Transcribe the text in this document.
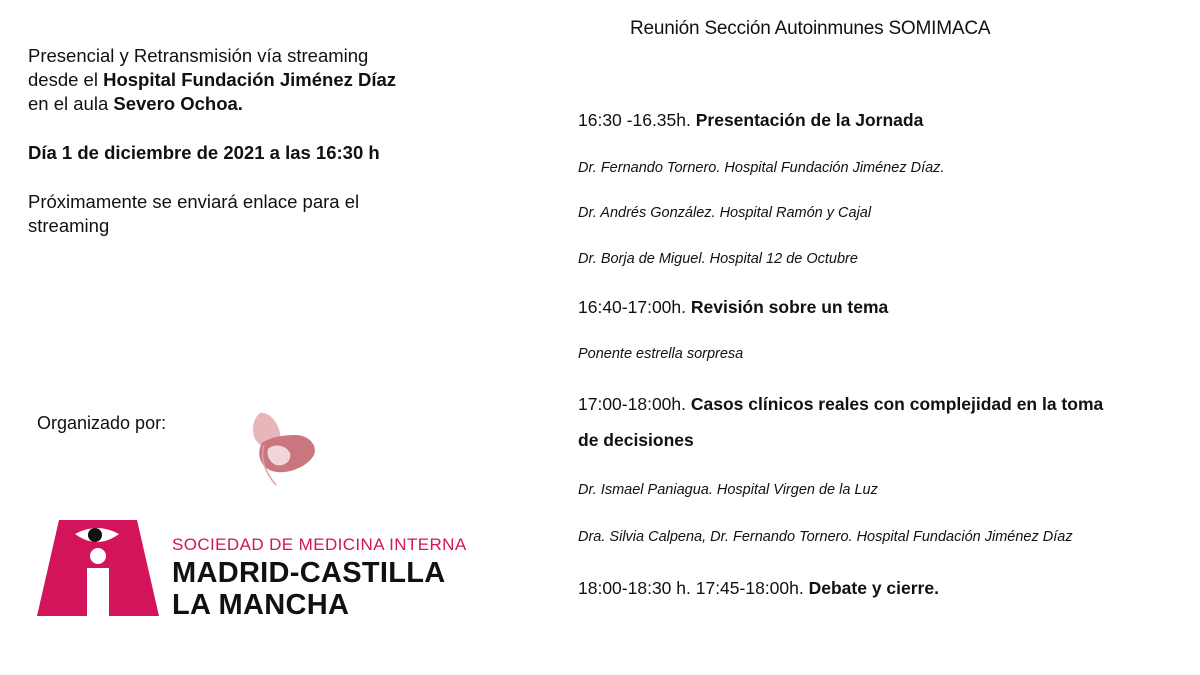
Presencial y Retransmisión vía streaming

desde el Hospital Fundación Jiménez Díaz

en el aula Severo Ochoa.

Día 1 de diciembre de 2021 a las 16:30 h

Próximamente se enviará enlace para el

streaming

Organizado por:
SOCIEDAD DE MEDICINA INTERNA
MADRID-CASTILLA
LA MANCHA
Reunión Sección Autoinmunes SOMIMACA
16:30 -16.35h. Presentación de la Jornada
Dr. Fernando Tornero. Hospital Fundación Jiménez Díaz.
Dr. Andrés González. Hospital Ramón y Cajal
Dr. Borja de Miguel. Hospital 12 de Octubre
16:40-17:00h. Revisión sobre un tema
Ponente estrella sorpresa
17:00-18:00h. Casos clínicos reales con complejidad en la toma
de decisiones
Dr. Ismael Paniagua. Hospital Virgen de la Luz
Dra. Silvia Calpena, Dr. Fernando Tornero. Hospital Fundación Jiménez Díaz
18:00-18:30 h. 17:45-18:00h. Debate y cierre.
